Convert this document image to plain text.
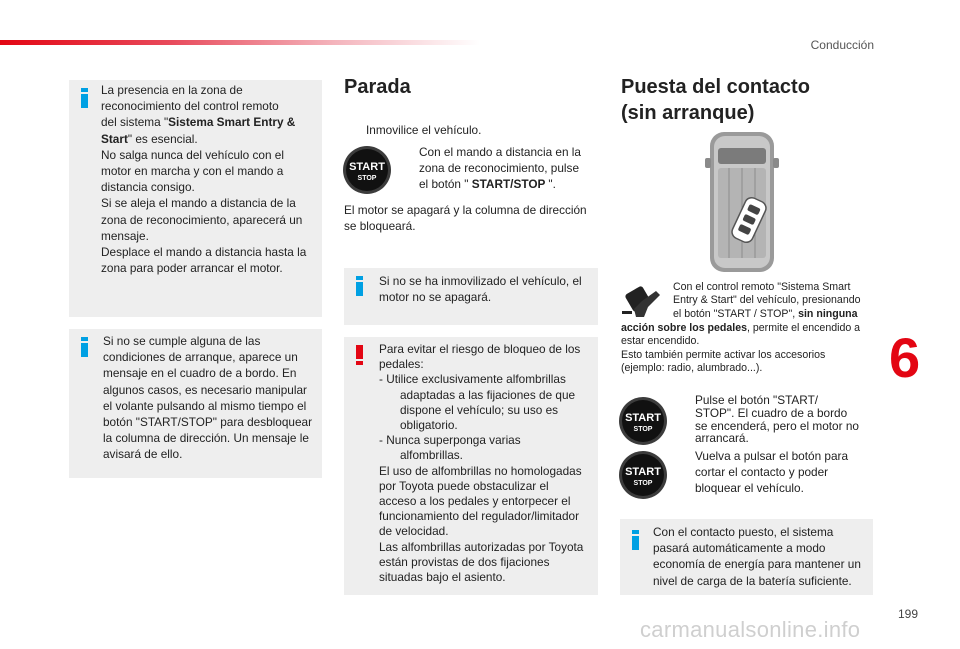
Conducción
6
199
carmanualsonline.info
La presencia en la zona de
reconocimiento del control remoto
del sistema "Sistema Smart Entry &
Start" es esencial.
No salga nunca del vehículo con el
motor en marcha y con el mando a
distancia consigo.
Si se aleja el mando a distancia de la
zona de reconocimiento, aparecerá un
mensaje.
Desplace el mando a distancia hasta la
zona para poder arrancar el motor.
Si no se cumple alguna de las
condiciones de arranque, aparece un
mensaje en el cuadro de a bordo. En
algunos casos, es necesario manipular
el volante pulsando al mismo tiempo el
botón "START/STOP" para desbloquear
la columna de dirección. Un mensaje le
avisará de ello.
Parada
Inmovilice el vehículo.
START
STOP
Con el mando a distancia en la
zona de reconocimiento, pulse
el botón " START/STOP ".
El motor se apagará y la columna de dirección
se bloqueará.
Si no se ha inmovilizado el vehículo, el
motor no se apagará.
Para evitar el riesgo de bloqueo de los
pedales:
- Utilice exclusivamente alfombrillas
adaptadas a las fijaciones de que
dispone el vehículo; su uso es
obligatorio.
- Nunca superponga varias
alfombrillas.
El uso de alfombrillas no homologadas
por Toyota puede obstaculizar el
acceso a los pedales y entorpecer el
funcionamiento del regulador/limitador
de velocidad.
Las alfombrillas autorizadas por Toyota
están provistas de dos fijaciones
situadas bajo el asiento.
Puesta del contacto
(sin arranque)
Con el control remoto "Sistema Smart
Entry & Start" del vehículo, presionando
el botón "START / STOP", sin ninguna
acción sobre los pedales, permite el encendido a
estar encendido.
Esto también permite activar los accesorios
(ejemplo: radio, alumbrado...).
START
STOP
Pulse el botón "START/
STOP". El cuadro de a bordo
se encenderá, pero el motor no
arrancará.
START
STOP
Vuelva a pulsar el botón para
cortar el contacto y poder
bloquear el vehículo.
Con el contacto puesto, el sistema
pasará automáticamente a modo
economía de energía para mantener un
nivel de carga de la batería suficiente.
